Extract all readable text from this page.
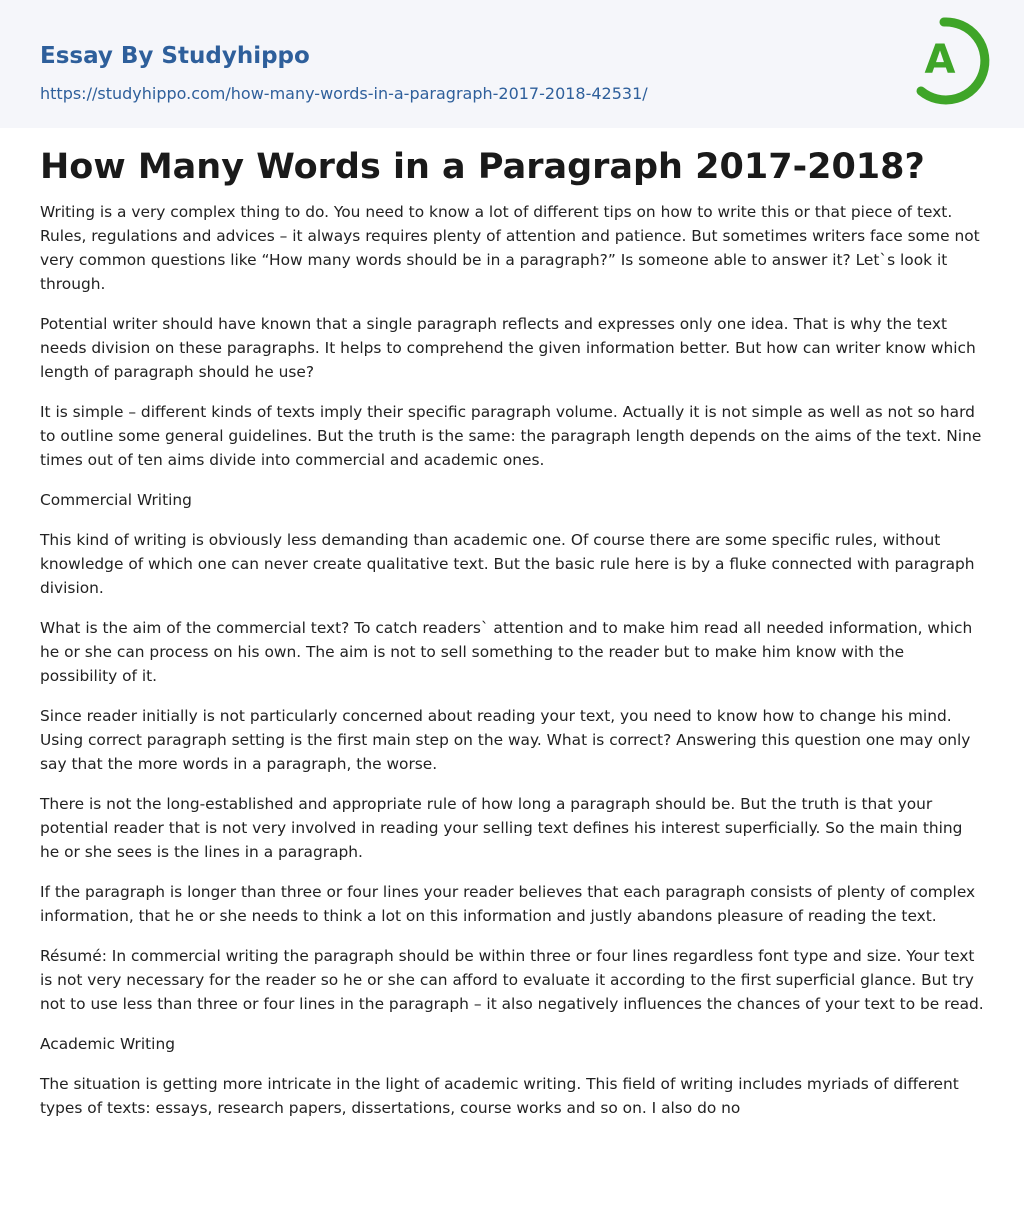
Essay By Studyhippo
https://studyhippo.com/how-many-words-in-a-paragraph-2017-2018-42531/
A
How Many Words in a Paragraph 2017-2018?

Writing is a very complex thing to do. You need to know a lot of different tips on how to write this or that piece of text. Rules, regulations and advices – it always requires plenty of attention and patience. But sometimes writers face some not very common questions like “How many words should be in a paragraph?” Is someone able to answer it? Let`s look it through.

Potential writer should have known that a single paragraph reflects and expresses only one idea. That is why the text needs division on these paragraphs. It helps to comprehend the given information better. But how can writer know which length of paragraph should he use?

It is simple – different kinds of texts imply their specific paragraph volume. Actually it is not simple as well as not so hard to outline some general guidelines. But the truth is the same: the paragraph length depends on the aims of the text. Nine times out of ten aims divide into commercial and academic ones.

Commercial Writing

This kind of writing is obviously less demanding than academic one. Of course there are some specific rules, without knowledge of which one can never create qualitative text. But the basic rule here is by a fluke connected with paragraph division.

What is the aim of the commercial text? To catch readers` attention and to make him read all needed information, which he or she can process on his own. The aim is not to sell something to the reader but to make him know with the possibility of it.

Since reader initially is not particularly concerned about reading your text, you need to know how to change his mind. Using correct paragraph setting is the first main step on the way. What is correct? Answering this question one may only say that the more words in a paragraph, the worse.

There is not the long-established and appropriate rule of how long a paragraph should be. But the truth is that your potential reader that is not very involved in reading your selling text defines his interest superficially. So the main thing he or she sees is the lines in a paragraph.

If the paragraph is longer than three or four lines your reader believes that each paragraph consists of plenty of complex information, that he or she needs to think a lot on this information and justly abandons pleasure of reading the text.

Résumé: In commercial writing the paragraph should be within three or four lines regardless font type and size. Your text is not very necessary for the reader so he or she can afford to evaluate it according to the first superficial glance. But try not to use less than three or four lines in the paragraph – it also negatively influences the chances of your text to be read.

Academic Writing

The situation is getting more intricate in the light of academic writing. This field of writing includes myriads of different types of texts: essays, research papers, dissertations, course works and so on. I also do no
